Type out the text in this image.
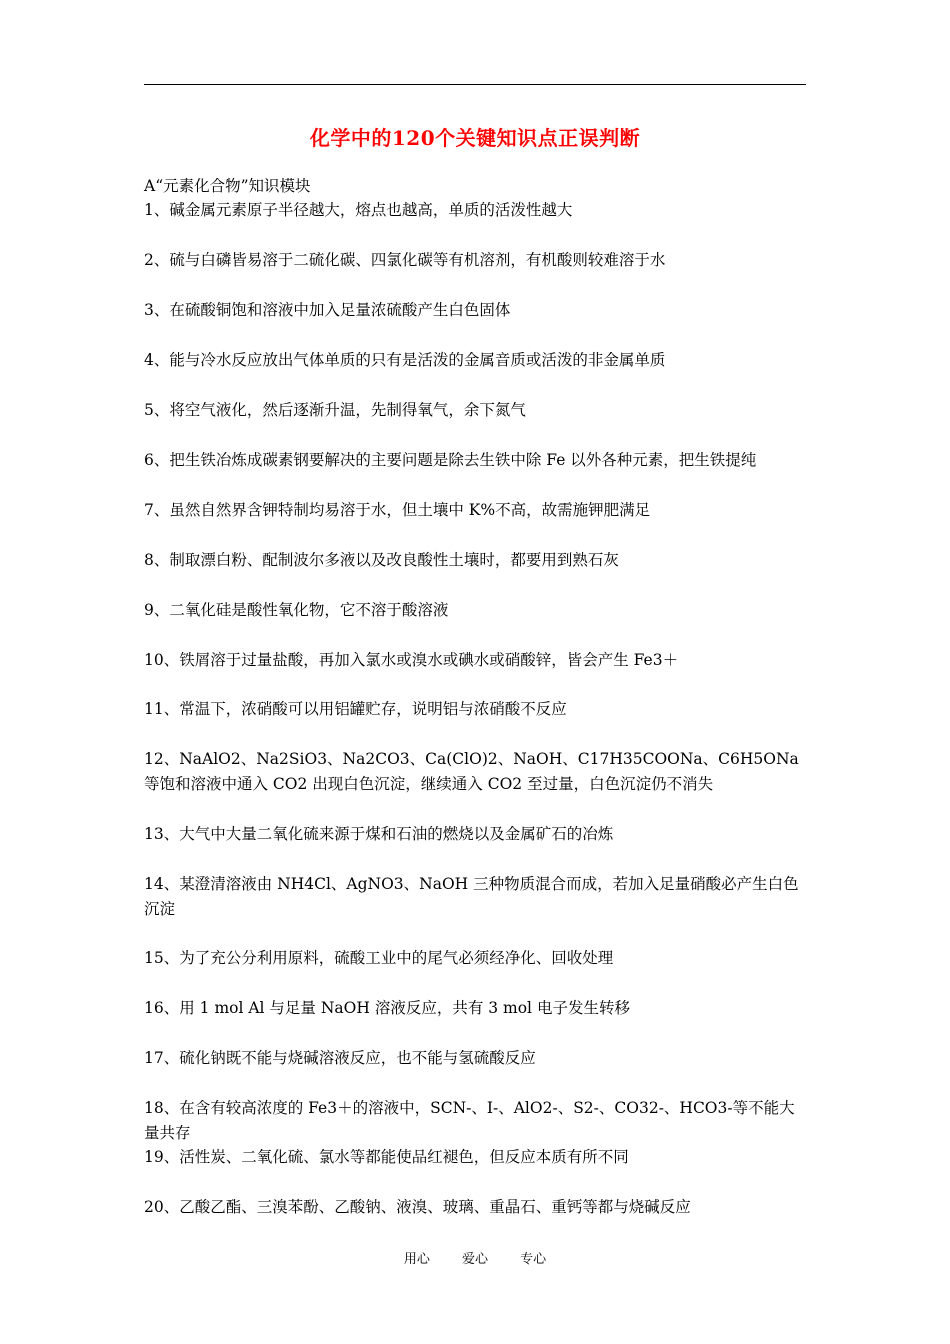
化学中的120个关键知识点正误判断
A“元素化合物”知识模块
1、碱金属元素原子半径越大，熔点也越高，单质的活泼性越大
2、硫与白磷皆易溶于二硫化碳、四氯化碳等有机溶剂，有机酸则较难溶于水
3、在硫酸铜饱和溶液中加入足量浓硫酸产生白色固体
4、能与冷水反应放出气体单质的只有是活泼的金属音质或活泼的非金属单质
5、将空气液化，然后逐渐升温，先制得氧气，余下氮气
6、把生铁冶炼成碳素钢要解决的主要问题是除去生铁中除 Fe 以外各种元素，把生铁提纯
7、虽然自然界含钾特制均易溶于水，但土壤中 K%不高，故需施钾肥满足
8、制取漂白粉、配制波尔多液以及改良酸性土壤时，都要用到熟石灰
9、二氧化硅是酸性氧化物，它不溶于酸溶液
10、铁屑溶于过量盐酸，再加入氯水或溴水或碘水或硝酸锌，皆会产生 Fe3＋
11、常温下，浓硝酸可以用铝罐贮存，说明铝与浓硝酸不反应
12、NaAlO2、Na2SiO3、Na2CO3、Ca(ClO)2、NaOH、C17H35COONa、C6H5ONa 等饱和溶液中通入 CO2 出现白色沉淀，继续通入 CO2 至过量，白色沉淀仍不消失
13、大气中大量二氧化硫来源于煤和石油的燃烧以及金属矿石的冶炼
14、某澄清溶液由 NH4Cl、AgNO3、NaOH 三种物质混合而成，若加入足量硝酸必产生白色沉淀
15、为了充公分利用原料，硫酸工业中的尾气必须经净化、回收处理
16、用 1 mol Al 与足量 NaOH 溶液反应，共有 3 mol 电子发生转移
17、硫化钠既不能与烧碱溶液反应，也不能与氢硫酸反应
18、在含有较高浓度的 Fe3＋的溶液中，SCN-、I-、AlO2-、S2-、CO32-、HCO3-等不能大量共存
19、活性炭、二氧化硫、氯水等都能使品红褪色，但反应本质有所不同
20、乙酸乙酯、三溴苯酚、乙酸钠、液溴、玻璃、重晶石、重钙等都与烧碱反应
用心 爱心 专心
